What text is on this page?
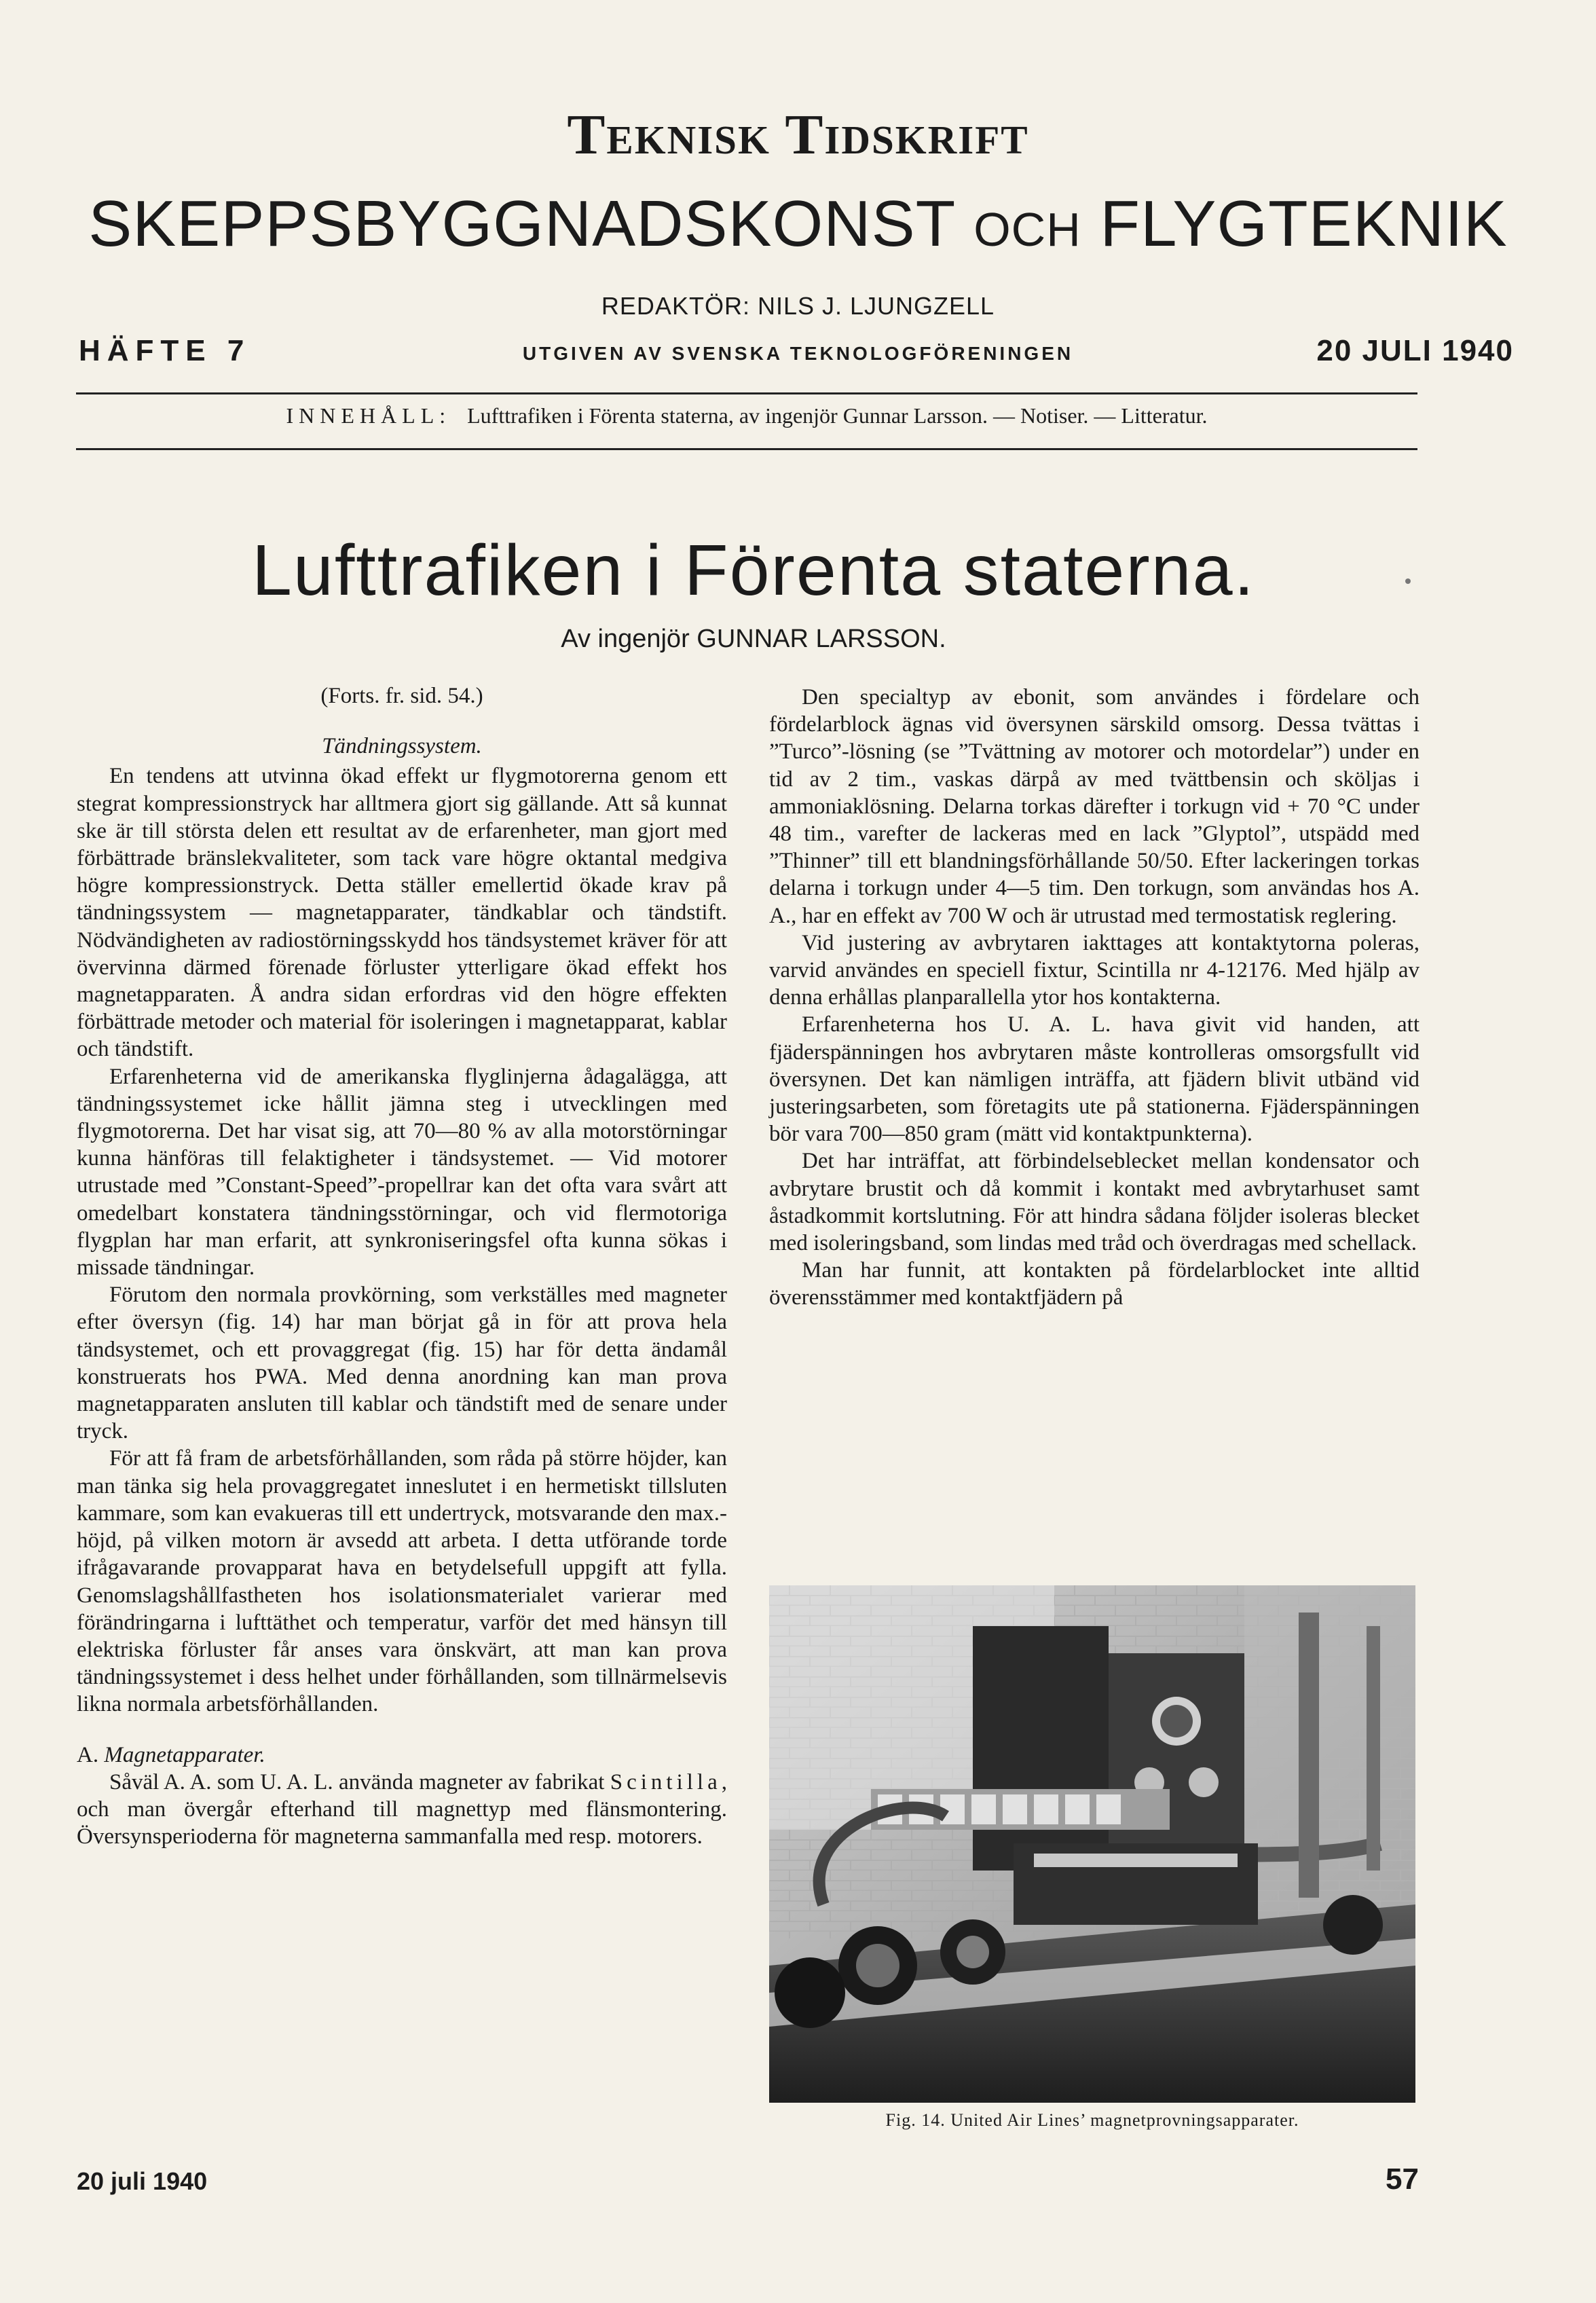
Teknisk Tidskrift
SKEPPSBYGGNADSKONST OCH FLYGTEKNIK
REDAKTÖR: NILS J. LJUNGZELL
HÄFTE 7	UTGIVEN AV SVENSKA TEKNOLOGFÖRENINGEN	20 JULI 1940
INNEHÅLL: Lufttrafiken i Förenta staterna, av ingenjör Gunnar Larsson. — Notiser. — Litteratur.
Lufttrafiken i Förenta staterna.
Av ingenjör GUNNAR LARSSON.

(Forts. fr. sid. 54.)

Tändningssystem.

En tendens att utvinna ökad effekt ur flygmotorerna genom ett stegrat kompressionstryck har alltmera gjort sig gällande. Att så kunnat ske är till största delen ett resultat av de erfarenheter, man gjort med förbättrade bränslekvaliteter, som tack vare högre oktantal medgiva högre kompressionstryck. Detta ställer emellertid ökade krav på tändningssystem — magnetapparater, tändkablar och tändstift. Nödvändigheten av radiostörningsskydd hos tändsystemet kräver för att övervinna därmed förenade förluster ytterligare ökad effekt hos magnetapparaten. Å andra sidan erfordras vid den högre effekten förbättrade metoder och material för isoleringen i magnetapparat, kablar och tändstift.

Erfarenheterna vid de amerikanska flyglinjerna ådagalägga, att tändningssystemet icke hållit jämna steg i utvecklingen med flygmotorerna. Det har visat sig, att 70—80 % av alla motorstörningar kunna hänföras till felaktigheter i tändsystemet. — Vid motorer utrustade med ”Constant-Speed”-propellrar kan det ofta vara svårt att omedelbart konstatera tändningsstörningar, och vid flermotoriga flygplan har man erfarit, att synkroniseringsfel ofta kunna sökas i missade tändningar.

Förutom den normala provkörning, som verkställes med magneter efter översyn (fig. 14) har man börjat gå in för att prova hela tändsystemet, och ett provaggregat (fig. 15) har för detta ändamål konstruerats hos PWA. Med denna anordning kan man prova magnetapparaten ansluten till kablar och tändstift med de senare under tryck.

För att få fram de arbetsförhållanden, som råda på större höjder, kan man tänka sig hela provaggregatet inneslutet i en hermetiskt tillsluten kammare, som kan evakueras till ett undertryck, motsvarande den max.-höjd, på vilken motorn är avsedd att arbeta. I detta utförande torde ifrågavarande provapparat hava en betydelsefull uppgift att fylla. Genomslagshållfastheten hos isolationsmaterialet varierar med förändringarna i lufttäthet och temperatur, varför det med hänsyn till elektriska förluster får anses vara önskvärt, att man kan prova tändningssystemet i dess helhet under förhållanden, som tillnärmelsevis likna normala arbetsförhållanden.

A. Magnetapparater.

Såväl A. A. som U. A. L. använda magneter av fabrikat Scintilla, och man övergår efterhand till magnettyp med flänsmontering. Översynsperioderna för magneterna sammanfalla med resp. motorers.

Den specialtyp av ebonit, som användes i fördelare och fördelarblock ägnas vid översynen särskild omsorg. Dessa tvättas i ”Turco”-lösning (se ”Tvättning av motorer och motordelar”) under en tid av 2 tim., vaskas därpå av med tvättbensin och sköljas i ammoniaklösning. Delarna torkas därefter i torkugn vid + 70 °C under 48 tim., varefter de lackeras med en lack ”Glyptol”, utspädd med ”Thinner” till ett blandningsförhållande 50/50. Efter lackeringen torkas delarna i torkugn under 4—5 tim. Den torkugn, som användas hos A. A., har en effekt av 700 W och är utrustad med termostatisk reglering.

Vid justering av avbrytaren iakttages att kontaktytorna poleras, varvid användes en speciell fixtur, Scintilla nr 4-12176. Med hjälp av denna erhållas planparallella ytor hos kontakterna.

Erfarenheterna hos U. A. L. hava givit vid handen, att fjäderspänningen hos avbrytaren måste kontrolleras omsorgsfullt vid översynen. Det kan nämligen inträffa, att fjädern blivit utbänd vid justeringsarbeten, som företagits ute på stationerna. Fjäderspänningen bör vara 700—850 gram (mätt vid kontaktpunkterna).

Det har inträffat, att förbindelseblecket mellan kondensator och avbrytare brustit och då kommit i kontakt med avbrytarhuset samt åstadkommit kortslutning. För att hindra sådana följder isoleras blecket med isoleringsband, som lindas med tråd och överdragas med schellack.

Man har funnit, att kontakten på fördelarblocket inte alltid överensstämmer med kontaktfjädern på

Fig. 14. United Air Lines’ magnetprovningsapparater.
20 juli 1940	57
